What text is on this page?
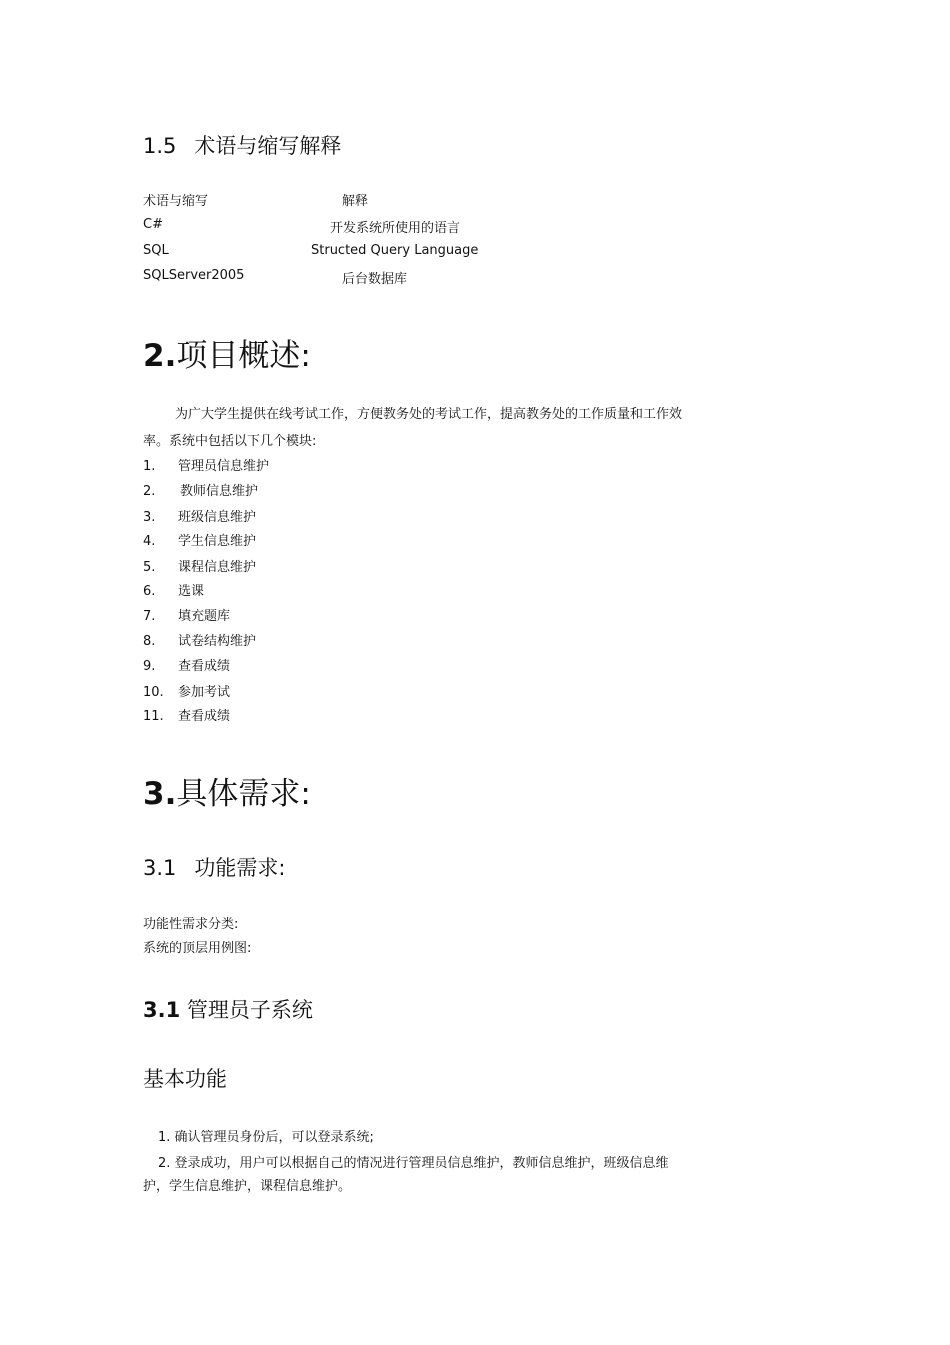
1.5 术语与缩写解释
术语与缩写	解释
C#	开发系统所使用的语言
SQL	Structed Query Language
SQLServer2005	后台数据库
2.项目概述:
为广大学生提供在线考试工作，方便教务处的考试工作，提高教务处的工作质量和工作效
率。系统中包括以下几个模块:
1. 管理员信息维护
2. 教师信息维护
3. 班级信息维护
4. 学生信息维护
5. 课程信息维护
6. 选课
7. 填充题库
8. 试卷结构维护
9. 查看成绩
10. 参加考试
11. 查看成绩
3.具体需求:
3.1 功能需求:
功能性需求分类:
系统的顶层用例图:
3.1 管理员子系统
基本功能
1. 确认管理员身份后，可以登录系统;
2. 登录成功，用户可以根据自己的情况进行管理员信息维护，教师信息维护，班级信息维
护，学生信息维护，课程信息维护。
